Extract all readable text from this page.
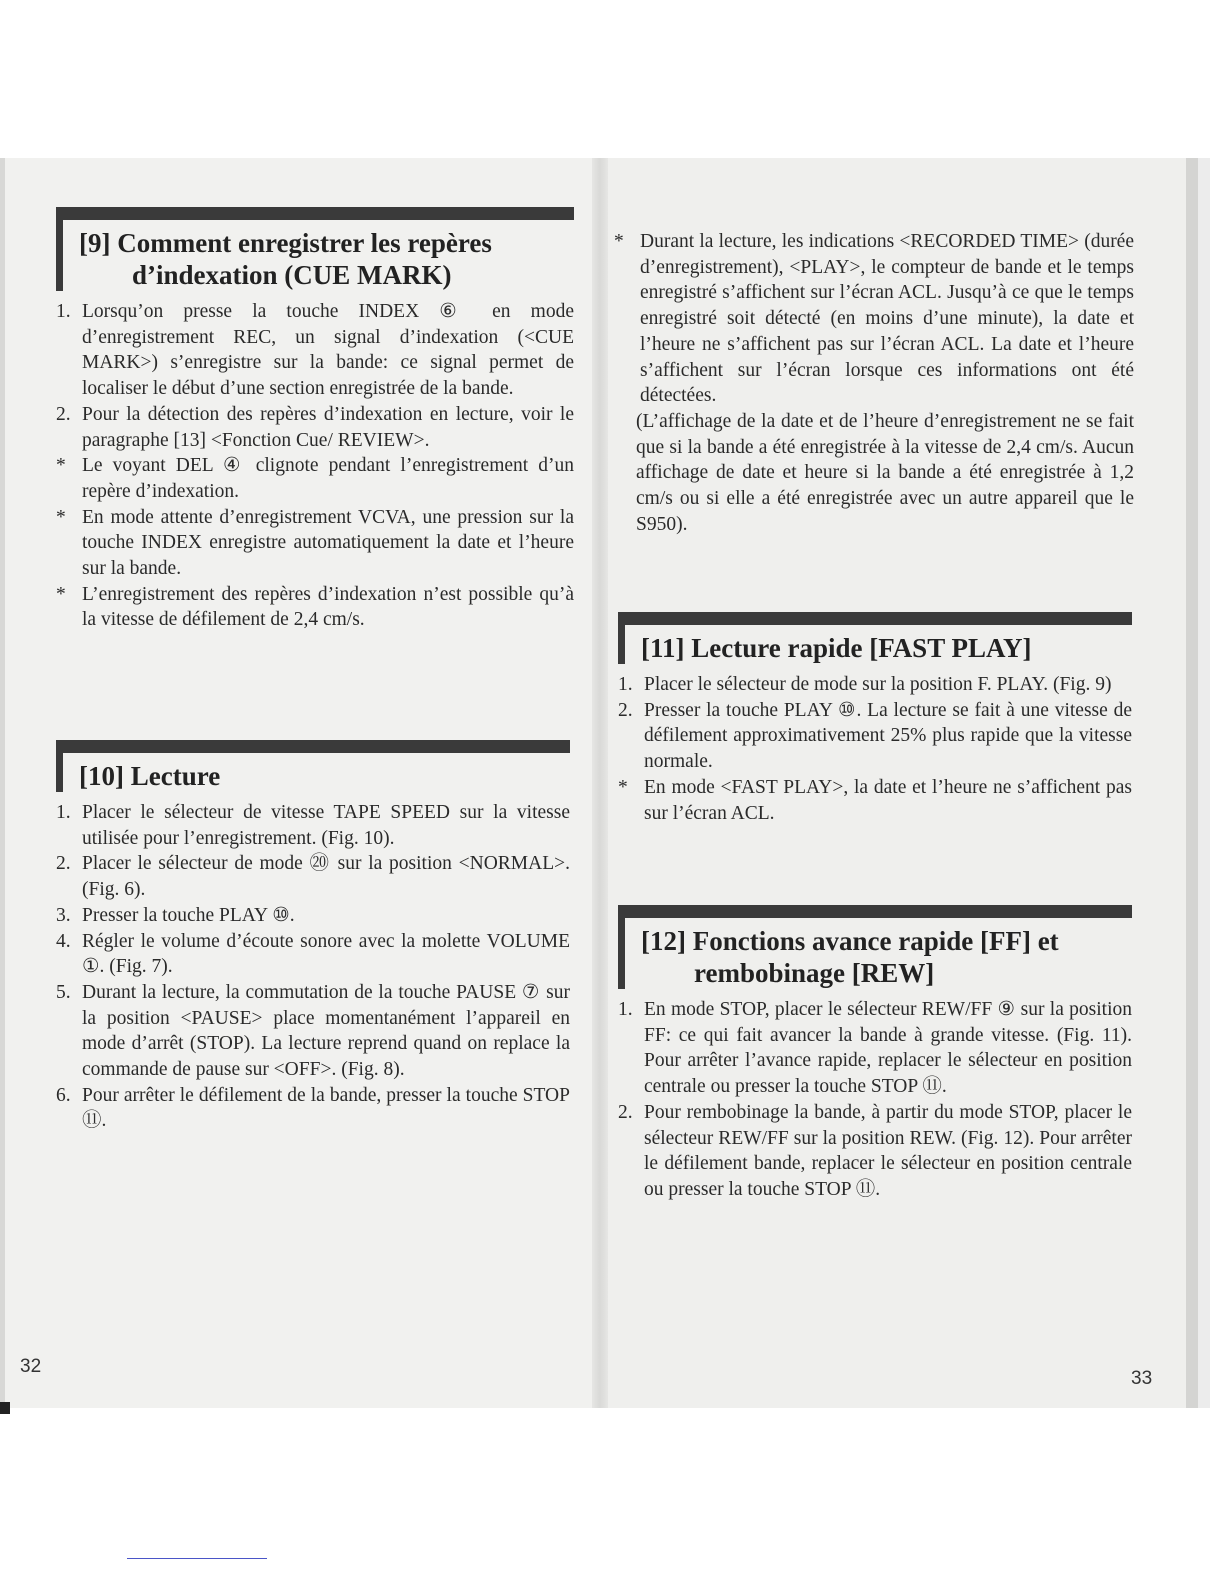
[9] Comment enregistrer les repères
d’indexation (CUE MARK)
1. Lorsqu’on presse la touche INDEX ⑥ en mode d’enregistrement REC, un signal d’indexation (<CUE MARK>) s’enregistre sur la bande: ce signal permet de localiser le début d’une section enregistrée de la bande.
2. Pour la détection des repères d’indexation en lecture, voir le paragraphe [13] <Fonction Cue/ REVIEW>.
* Le voyant DEL ④ clignote pendant l’enregistrement d’un repère d’indexation.
* En mode attente d’enregistrement VCVA, une pression sur la touche INDEX enregistre automatiquement la date et l’heure sur la bande.
* L’enregistrement des repères d’indexation n’est possible qu’à la vitesse de défilement de 2,4 cm/s.
[10] Lecture
1. Placer le sélecteur de vitesse TAPE SPEED sur la vitesse utilisée pour l’enregistrement. (Fig. 10).
2. Placer le sélecteur de mode ⑳ sur la position <NORMAL>. (Fig. 6).
3. Presser la touche PLAY ⑩.
4. Régler le volume d’écoute sonore avec la molette VOLUME ①. (Fig. 7).
5. Durant la lecture, la commutation de la touche PAUSE ⑦ sur la position <PAUSE> place momentanément l’appareil en mode d’arrêt (STOP). La lecture reprend quand on replace la commande de pause sur <OFF>. (Fig. 8).
6. Pour arrêter le défilement de la bande, presser la touche STOP ⑪.
32
* Durant la lecture, les indications <RECORDED TIME> (durée d’enregistrement), <PLAY>, le compteur de bande et le temps enregistré s’affichent sur l’écran ACL. Jusqu’à ce que le temps enregistré soit détecté (en moins d’une minute), la date et l’heure ne s’affichent pas sur l’écran ACL. La date et l’heure s’affichent sur l’écran lorsque ces informations ont été détectées.

(L’affichage de la date et de l’heure d’enregistrement ne se fait que si la bande a été enregistrée à la vitesse de 2,4 cm/s. Aucun affichage de date et heure si la bande a été enregistrée à 1,2 cm/s ou si elle a été enregistrée avec un autre appareil que le S950).

[11] Lecture rapide [FAST PLAY]
1. Placer le sélecteur de mode sur la position F. PLAY. (Fig. 9)
2. Presser la touche PLAY ⑩. La lecture se fait à une vitesse de défilement approximativement 25% plus rapide que la vitesse normale.
* En mode <FAST PLAY>, la date et l’heure ne s’affichent pas sur l’écran ACL.
[12] Fonctions avance rapide [FF] et
rembobinage [REW]
1. En mode STOP, placer le sélecteur REW/FF ⑨ sur la position FF: ce qui fait avancer la bande à grande vitesse. (Fig. 11). Pour arrêter l’avance rapide, replacer le sélecteur en position centrale ou presser la touche STOP ⑪.
2. Pour rembobinage la bande, à partir du mode STOP, placer le sélecteur REW/FF sur la position REW. (Fig. 12). Pour arrêter le défilement bande, replacer le sélecteur en position centrale ou presser la touche STOP ⑪.
33
